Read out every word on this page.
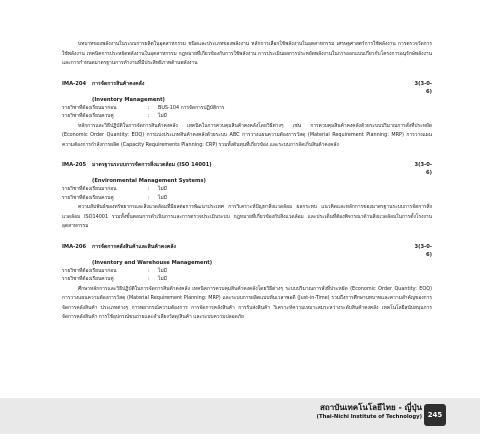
บทบาทของพลังงานในระบบการผลิตในอุตสาหกรรม ชนิดและประเภทของพลังงาน หลักการเลือกใช้พลังงานในอุตสาหกรรม เศรษฐศาสตร์การใช้พลังงาน การตรวจวัดการใช้พลังงาน เทคนิคการประหยัดพลังงานในอุตสาหกรรม กฎหมายที่เกี่ยวข้องกับการใช้พลังงาน การประเมินผลการประหยัดพลังงานในการออกแบบเกี่ยวกับโครงการอนุรักษ์พลังงาน และการกำหนดมาตรฐานการทำงานที่มีประสิทธิภาพด้านพลังงาน

IMA-204	การจัดการสินค้าคงคลัง	3(3-0-6)
(Inventory Management)
รายวิชาที่ต้องเรียนมาก่อน	:	BUS-104 การจัดการปฏิบัติการ
รายวิชาที่ต้องเรียนควบคู่	:	ไม่มี

หลักการและวิธีปฏิบัติในการจัดการสินค้าคงคลัง เทคนิคในการควบคุมสินค้าคงคลังโดยวิธีต่างๆ เช่น การควบคุมสินค้าคงคลังด้วยระบบปริมาณการสั่งที่ประหยัด (Economic Order Quantity: EOQ) การแบ่งประเภทสินค้าคงคลังด้วยระบบ ABC การวางแผนความต้องการวัสดุ (Material Requirement Planning: MRP) การวางแผนความต้องการกำลังการผลิต (Capacity Requirements Planning: CRP) รวมทั้งต้นทุนที่เกี่ยวข้อง และระบบการจัดเก็บสินค้าคงคลัง

IMA-205	มาตรฐานระบบการจัดการสิ่งแวดล้อม (ISO 14001)	3(3-0-6)
(Environmental Management Systems)
รายวิชาที่ต้องเรียนมาก่อน	:	ไม่มี
รายวิชาที่ต้องเรียนควบคู่	:	ไม่มี

ความสัมพันธ์ของทรัพยากรและสิ่งแวดล้อมที่มีผลต่อการพัฒนาประเทศ การวิเคราะห์ปัญหาสิ่งแวดล้อม ผลกระทบ แนวคิดและหลักการของมาตรฐานระบบการจัดการสิ่งแวดล้อม ISO14001 รวมทั้งขั้นตอนการดำเนินการและการตรวจประเมินระบบ กฎหมายที่เกี่ยวข้องกับสิ่งแวดล้อม และประเด็นที่ต้องพิจารณาด้านสิ่งแวดล้อมในการตั้งโรงงานอุตสาหกรรม

IMA-206	การจัดการคลังสินค้าและสินค้าคงคลัง	3(3-0-6)
(Inventory and Warehouse Management)
รายวิชาที่ต้องเรียนมาก่อน	:	ไม่มี
รายวิชาที่ต้องเรียนควบคู่	:	ไม่มี

ศึกษาหลักการและวิธีปฏิบัติในการจัดการสินค้าคงคลัง เทคนิคการควบคุมสินค้าคงคลังโดยวิธีต่างๆ ระบบปริมาณการสั่งที่ประหยัด (Economic Order Quantity: EOQ) การวางแผนความต้องการวัสดุ (Material Requirement Planning: MRP) และระบบการผลิตแบบทันเวลาพอดี (Just-in-Time) รวมถึงการศึกษาบทบาทและความสำคัญของการจัดการคลังสินค้า ประเภทต่างๆ การพยากรณ์ความต้องการ การจัดการคลังสินค้า การรับส่งสินค้า วิเคราะห์ความเหมาะสมระหว่างระดับสินค้าคงคลัง เทคโนโลยีสนับสนุนการจัดการคลังสินค้า การใช้อุปกรณ์ขนถ่ายและลำเลียงวัสดุ/สินค้า และระบบความปลอดภัย

สถาบันเทคโนโลยีไทย - ญี่ปุ่น
(Thai-Nichi Institute of Technology) 245
